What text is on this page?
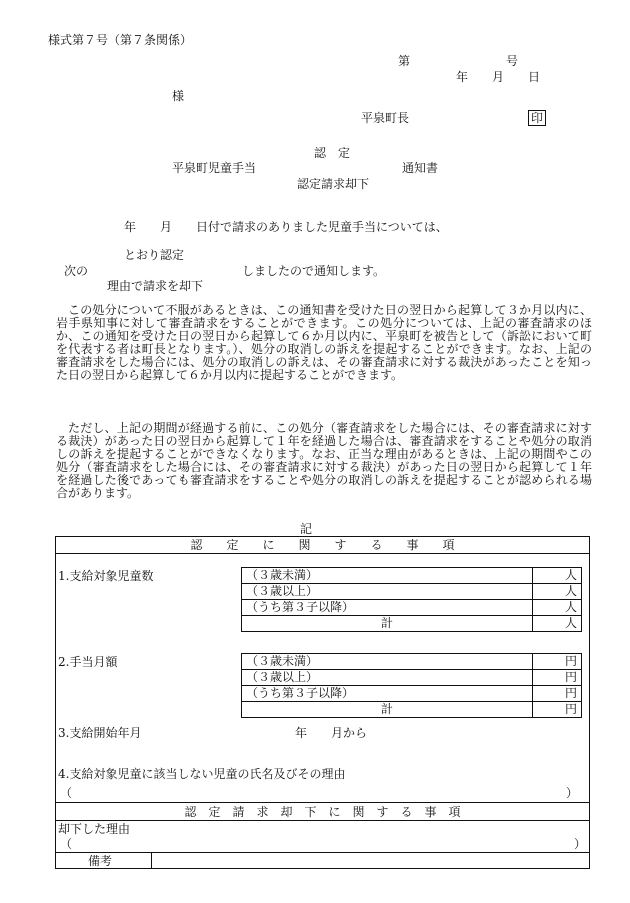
様式第７号（第７条関係）
第　　　　　　　　号
年　　月　　日
様
平泉町長	印
認　定
平泉町児童手当
認定請求却下
通知書
年　　月　　日付で請求のありました児童手当については、
とおり認定
次の
理由で請求を却下
しましたので通知します。

この処分について不服があるときは、この通知書を受けた日の翌日から起算して３か月以内に、岩手県知事に対して審査請求をすることができます。この処分については、上記の審査請求のほか、この通知を受けた日の翌日から起算して６か月以内に、平泉町を被告として（訴訟において町を代表する者は町長となります。）、処分の取消しの訴えを提起することができます。なお、上記の審査請求をした場合には、処分の取消しの訴えは、その審査請求に対する裁決があったことを知った日の翌日から起算して６か月以内に提起することができます。

ただし、上記の期間が経過する前に、この処分（審査請求をした場合には、その審査請求に対する裁決）があった日の翌日から起算して１年を経過した場合は、審査請求をすることや処分の取消しの訴えを提起することができなくなります。なお、正当な理由があるときは、上記の期間やこの処分（審査請求をした場合には、その審査請求に対する裁決）があった日の翌日から起算して１年を経過した後であっても審査請求をすることや処分の取消しの訴えを提起することが認められる場合があります。

記
認　　定　　に　　関　　す　　る　　事　　項
1.支給対象児童数	（３歳未満）	人
（３歳以上）	人
（うち第３子以降）	人
計	人
2.手当月額	（３歳未満）	円
（３歳以上）	円
（うち第３子以降）	円
計	円
3.支給開始年月	年　　月から
4.支給対象児童に該当しない児童の氏名及びその理由
（	）
認　定　請　求　却　下　に　関　す　る　事　項
却下した理由
（	）
備考
